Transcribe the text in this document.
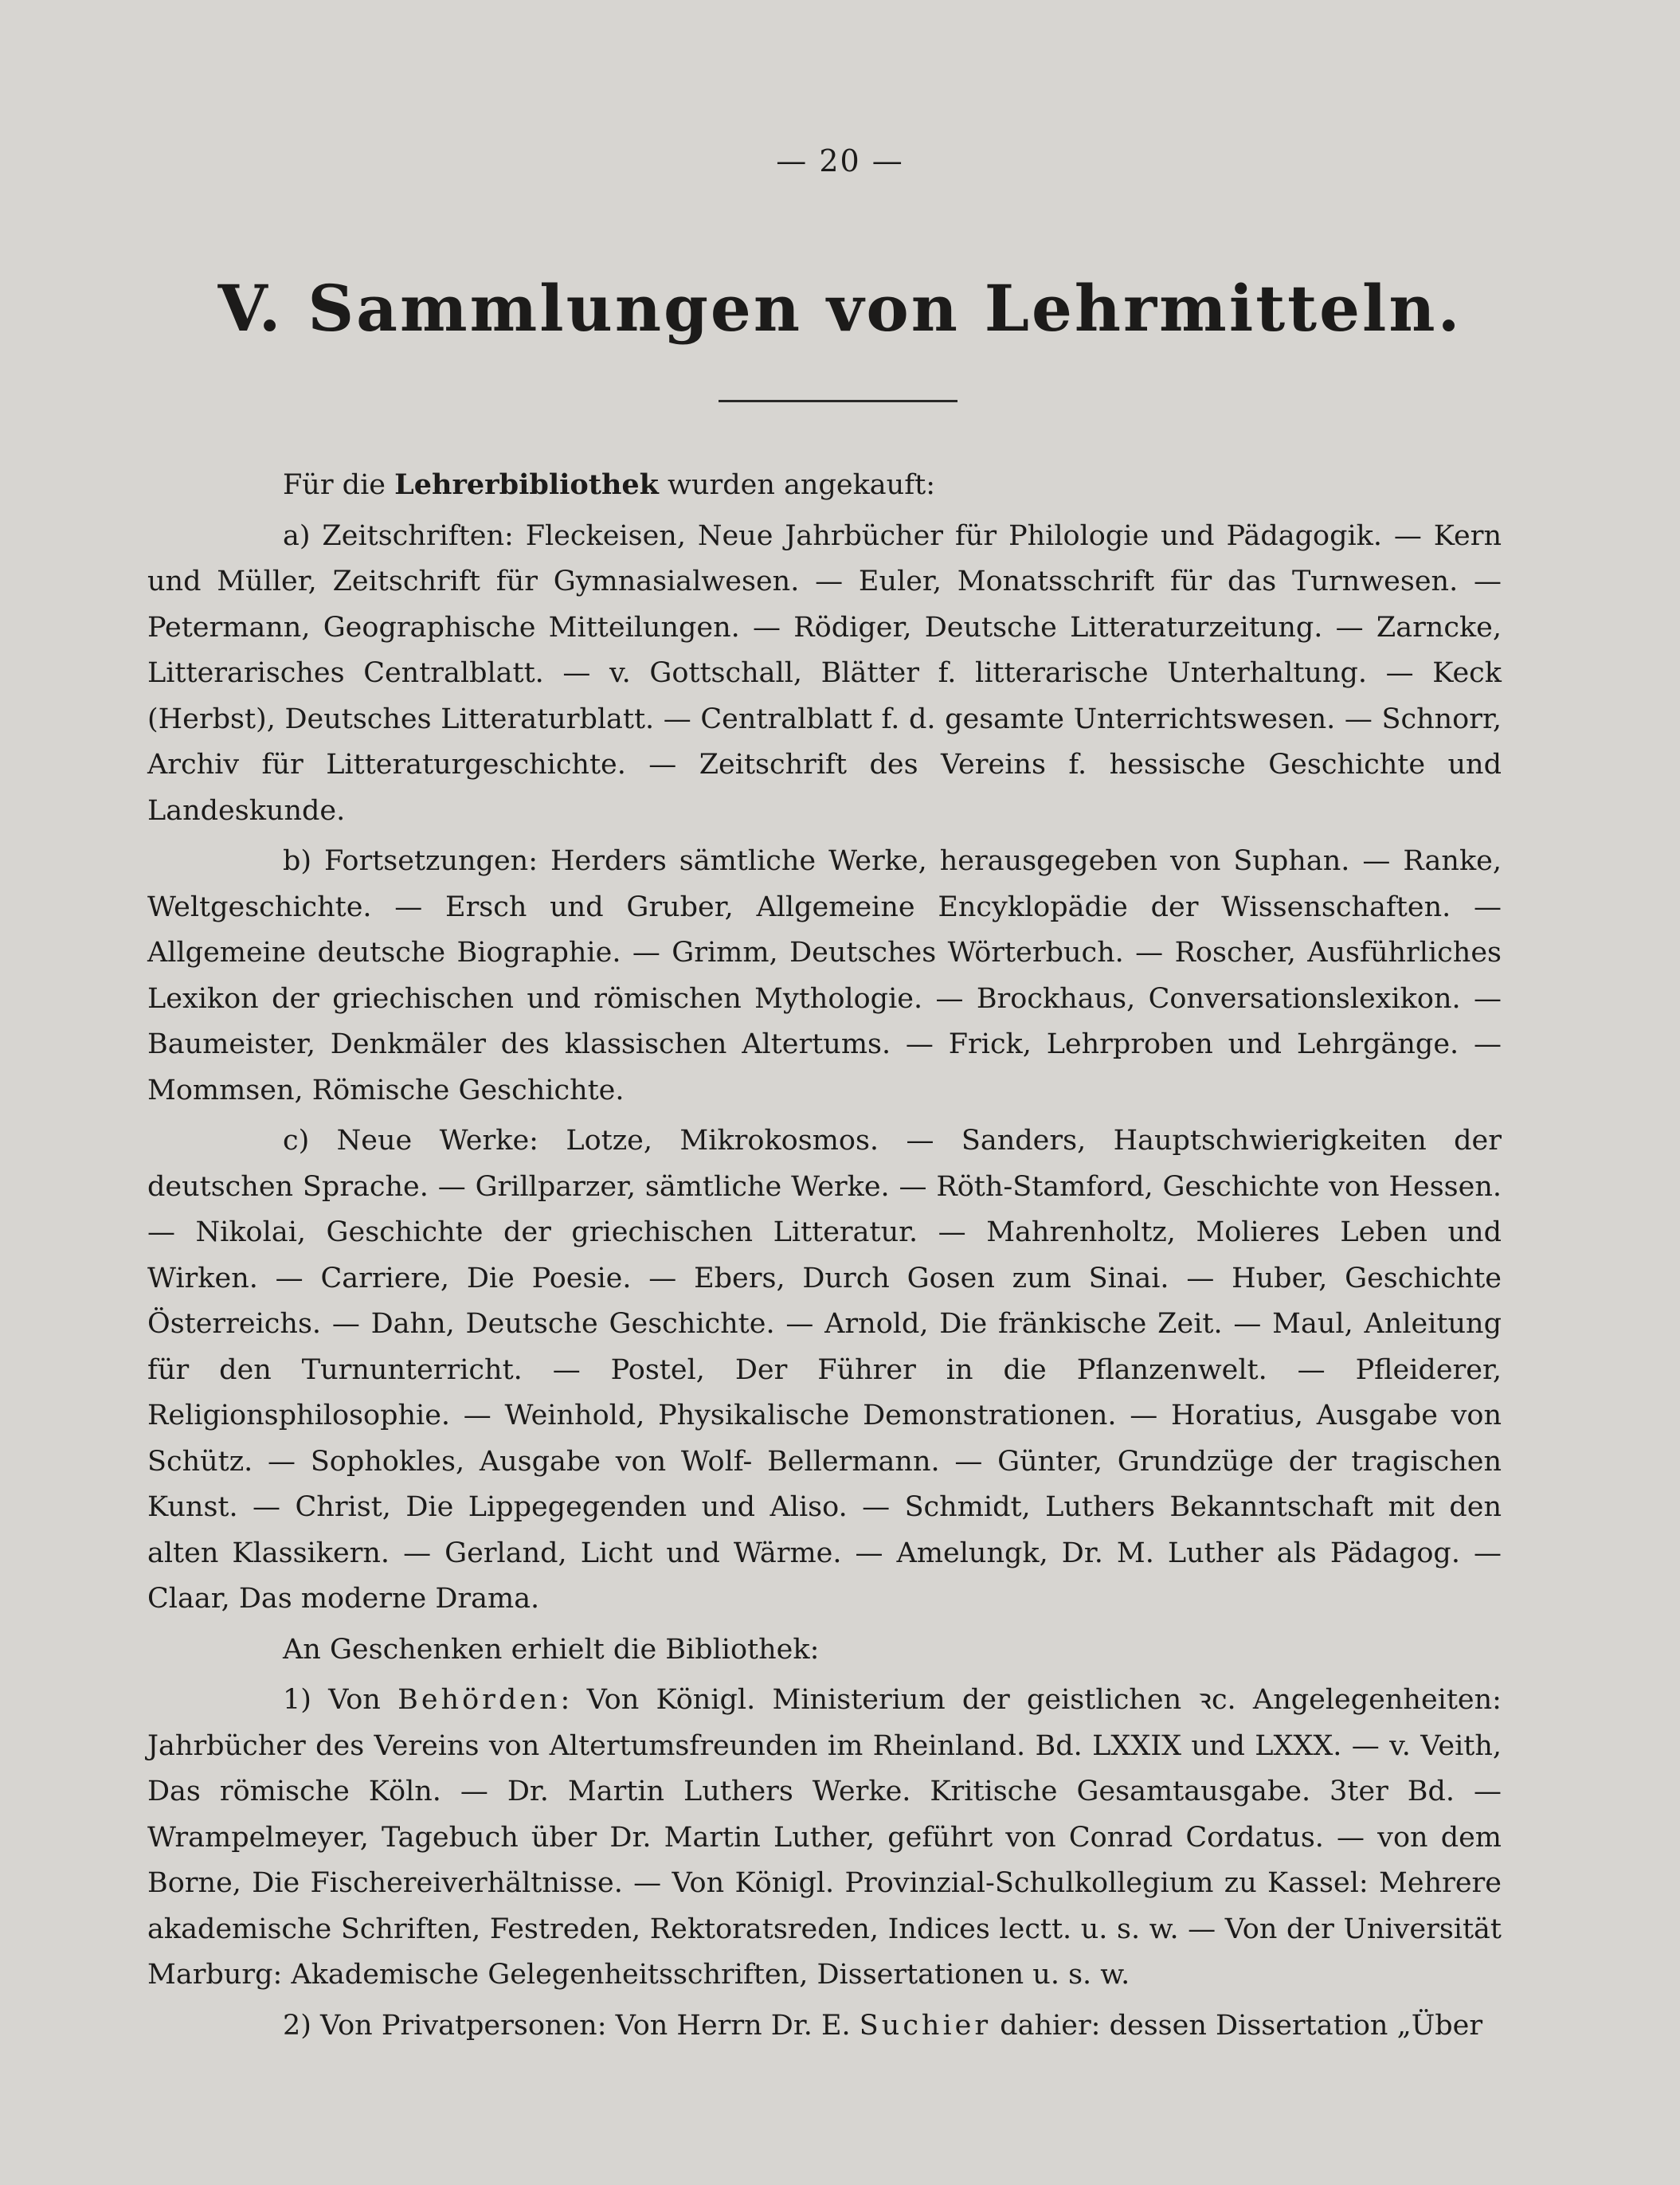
— 20 —
V. Sammlungen von Lehrmitteln.

Für die Lehrerbibliothek wurden angekauft:

a) Zeitschriften: Fleckeisen, Neue Jahrbücher für Philologie und Pädagogik. — Kern und Müller, Zeitschrift für Gymnasialwesen. — Euler, Monatsschrift für das Turnwesen. — Petermann, Geographische Mitteilungen. — Rödiger, Deutsche Litteraturzeitung. — Zarncke, Litterarisches Centralblatt. — v. Gottschall, Blätter f. litterarische Unterhaltung. — Keck (Herbst), Deutsches Litteraturblatt. — Centralblatt f. d. gesamte Unterrichtswesen. — Schnorr, Archiv für Litteraturgeschichte. — Zeitschrift des Vereins f. hessische Geschichte und Landeskunde.

b) Fortsetzungen: Herders sämtliche Werke, herausgegeben von Suphan. — Ranke, Weltgeschichte. — Ersch und Gruber, Allgemeine Encyklopädie der Wissenschaften. — Allgemeine deutsche Biographie. — Grimm, Deutsches Wörterbuch. — Roscher, Ausführliches Lexikon der griechischen und römischen Mythologie. — Brockhaus, Conversationslexikon. — Baumeister, Denkmäler des klassischen Altertums. — Frick, Lehrproben und Lehrgänge. — Mommsen, Römische Geschichte.

c) Neue Werke: Lotze, Mikrokosmos. — Sanders, Hauptschwierigkeiten der deutschen Sprache. — Grillparzer, sämtliche Werke. — Röth-Stamford, Geschichte von Hessen. — Nikolai, Geschichte der griechischen Litteratur. — Mahrenholtz, Molieres Leben und Wirken. — Carriere, Die Poesie. — Ebers, Durch Gosen zum Sinai. — Huber, Geschichte Österreichs. — Dahn, Deutsche Geschichte. — Arnold, Die fränkische Zeit. — Maul, Anleitung für den Turnunterricht. — Postel, Der Führer in die Pflanzenwelt. — Pfleiderer, Religionsphilosophie. — Weinhold, Physikalische Demonstrationen. — Horatius, Ausgabe von Schütz. — Sophokles, Ausgabe von Wolf- Bellermann. — Günter, Grundzüge der tragischen Kunst. — Christ, Die Lippegegenden und Aliso. — Schmidt, Luthers Bekanntschaft mit den alten Klassikern. — Gerland, Licht und Wärme. — Amelungk, Dr. M. Luther als Pädagog. — Claar, Das moderne Drama.

An Geschenken erhielt die Bibliothek:

1) Von Behörden: Von Königl. Ministerium der geistlichen ꝛc. Angelegenheiten: Jahrbücher des Vereins von Altertumsfreunden im Rheinland. Bd. LXXIX und LXXX. — v. Veith, Das römische Köln. — Dr. Martin Luthers Werke. Kritische Gesamtausgabe. 3ter Bd. — Wrampelmeyer, Tagebuch über Dr. Martin Luther, geführt von Conrad Cordatus. — von dem Borne, Die Fischereiverhältnisse. — Von Königl. Provinzial-Schulkollegium zu Kassel: Mehrere akademische Schriften, Festreden, Rektoratsreden, Indices lectt. u. s. w. — Von der Universität Marburg: Akademische Gelegenheitsschriften, Dissertationen u. s. w.

2) Von Privatpersonen: Von Herrn Dr. E. Suchier dahier: dessen Dissertation „Über
